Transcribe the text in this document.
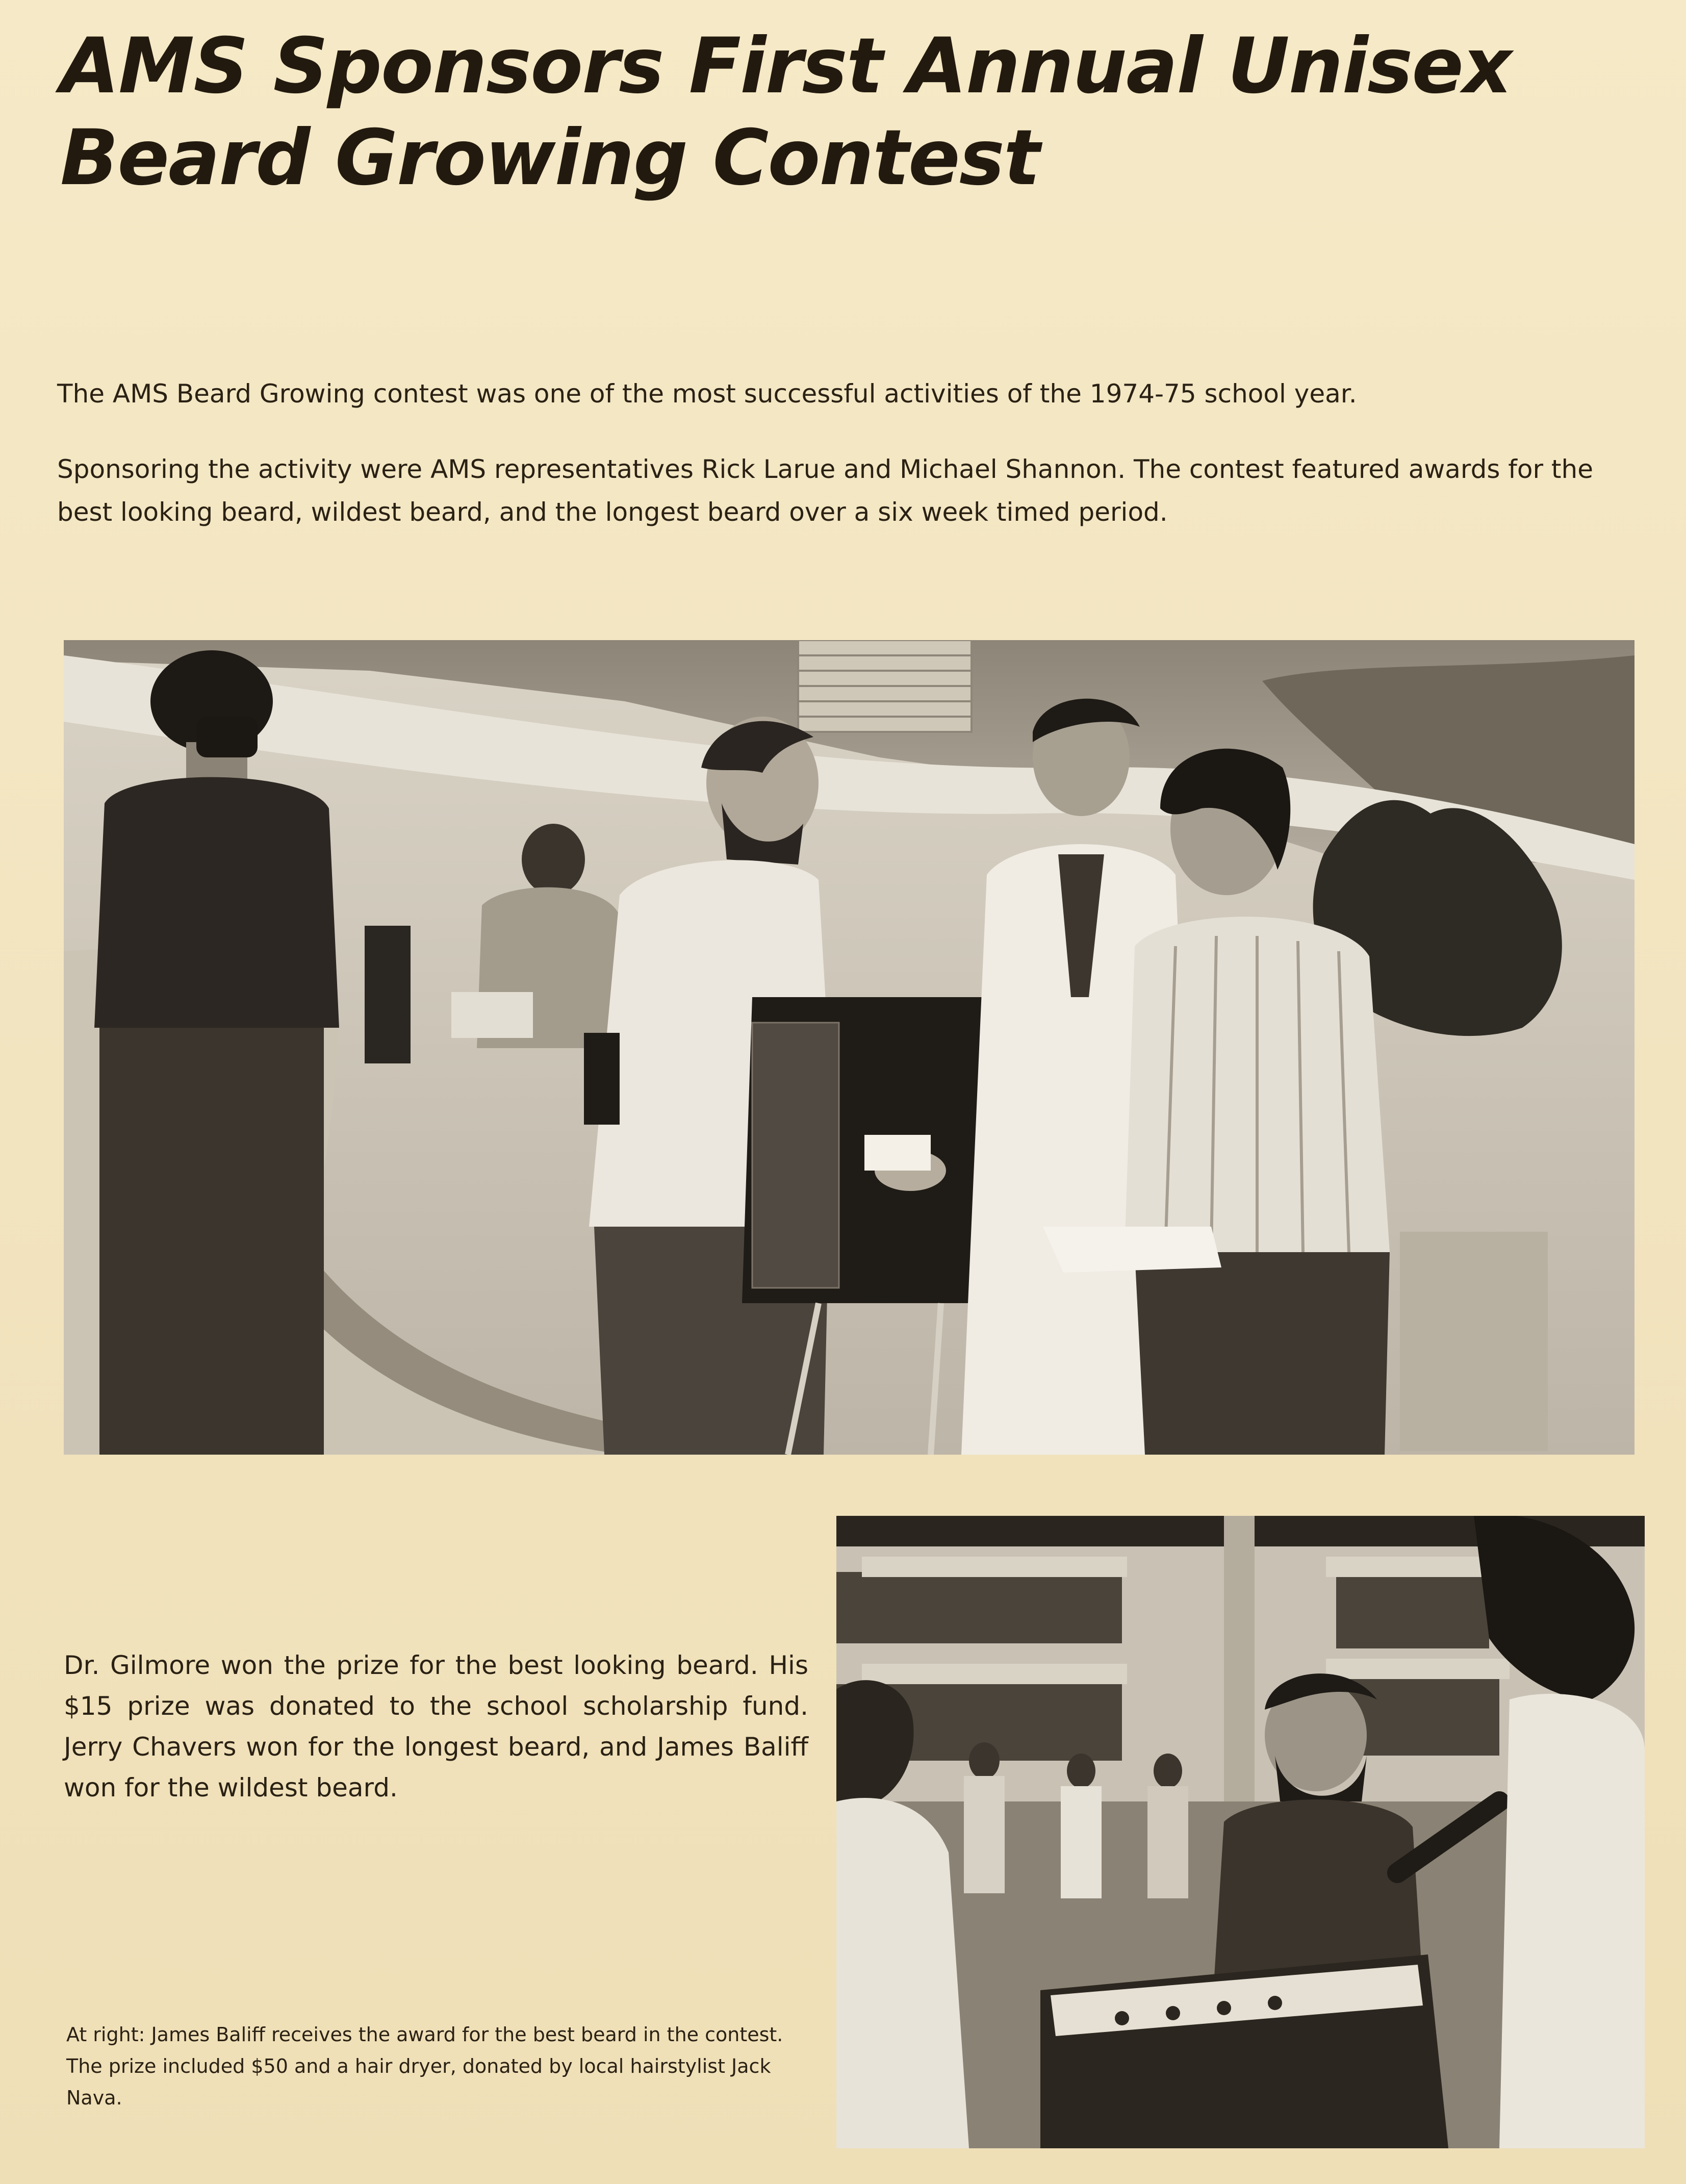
AMS Sponsors First Annual Unisex Beard Growing Contest

The AMS Beard Growing contest was one of the most successful activities of the 1974-75 school year.

Sponsoring the activity were AMS representatives Rick Larue and Michael Shannon. The contest featured awards for the best looking beard, wildest beard, and the longest beard over a six week timed period.

Dr. Gilmore won the prize for the best looking beard. His $15 prize was donated to the school scholarship fund. Jerry Chavers won for the longest beard, and James Baliff won for the wildest beard.

At right: James Baliff receives the award for the best beard in the contest. The prize included $50 and a hair dryer, donated by local hairstylist Jack Nava.
